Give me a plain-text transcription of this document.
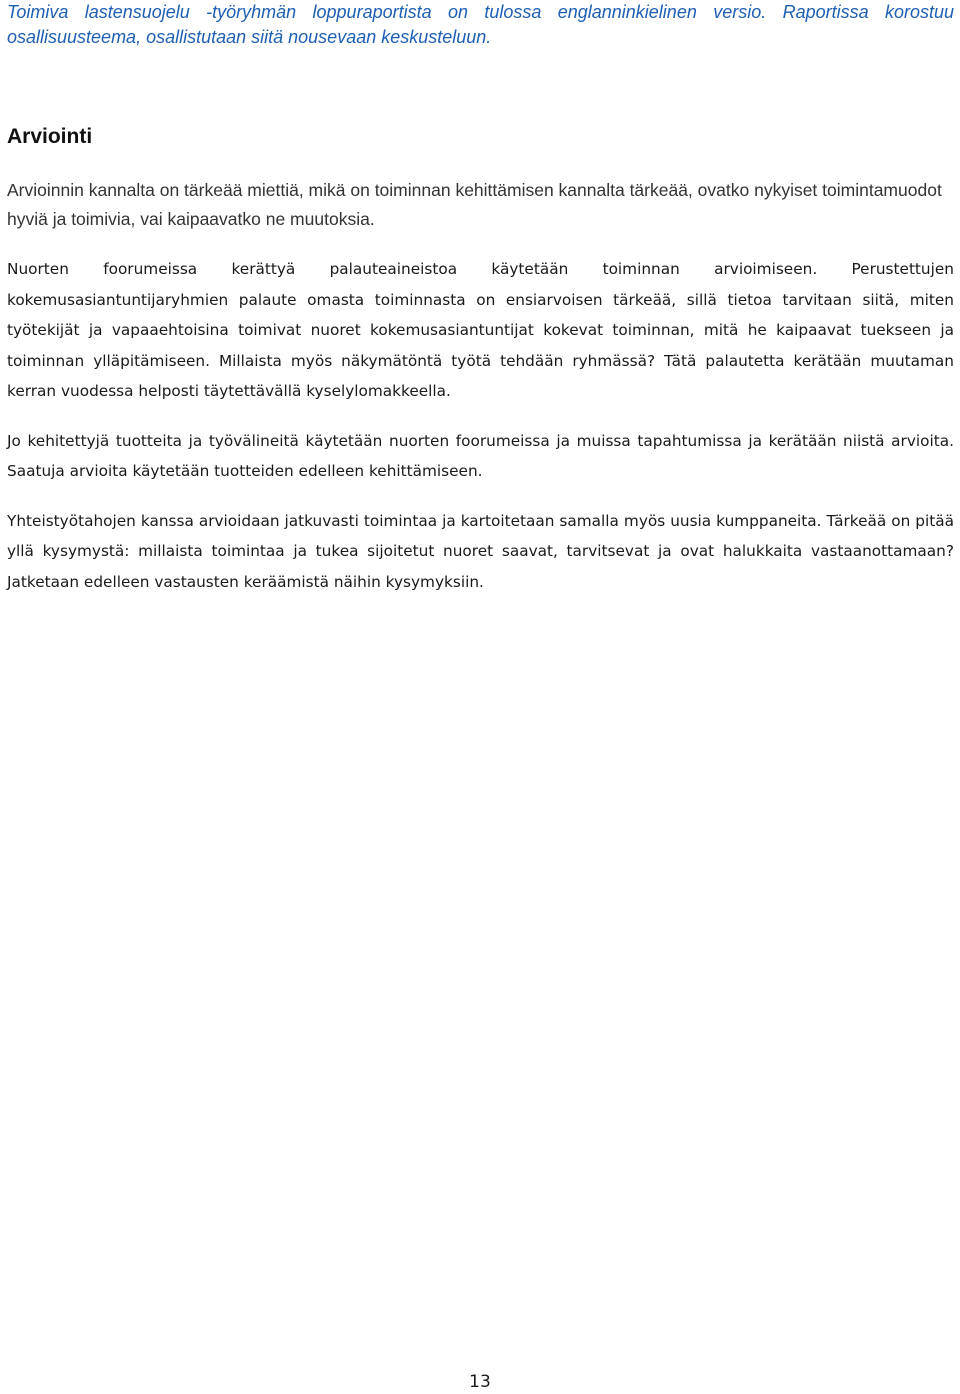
Toimiva lastensuojelu -työryhmän loppuraportista on tulossa englanninkielinen versio. Raportissa korostuu osallisuusteema, osallistutaan siitä nousevaan keskusteluun.

Arviointi

Arvioinnin kannalta on tärkeää miettiä, mikä on toiminnan kehittämisen kannalta tärkeää, ovatko nykyiset toimintamuodot hyviä ja toimivia, vai kaipaavatko ne muutoksia.

Nuorten foorumeissa kerättyä palauteaineistoa käytetään toiminnan arvioimiseen. Perustettujen kokemusasiantuntijaryhmien palaute omasta toiminnasta on ensiarvoisen tärkeää, sillä tietoa tarvitaan siitä, miten työtekijät ja vapaaehtoisina toimivat nuoret kokemusasiantuntijat kokevat toiminnan, mitä he kaipaavat tuekseen ja toiminnan ylläpitämiseen. Millaista myös näkymätöntä työtä tehdään ryhmässä? Tätä palautetta kerätään muutaman kerran vuodessa helposti täytettävällä kyselylomakkeella.

Jo kehitettyjä tuotteita ja työvälineitä käytetään nuorten foorumeissa ja muissa tapahtumissa ja kerätään niistä arvioita. Saatuja arvioita käytetään tuotteiden edelleen kehittämiseen.

Yhteistyötahojen kanssa arvioidaan jatkuvasti toimintaa ja kartoitetaan samalla myös uusia kumppaneita. Tärkeää on pitää yllä kysymystä: millaista toimintaa ja tukea sijoitetut nuoret saavat, tarvitsevat ja ovat halukkaita vastaanottamaan? Jatketaan edelleen vastausten keräämistä näihin kysymyksiin.

13
